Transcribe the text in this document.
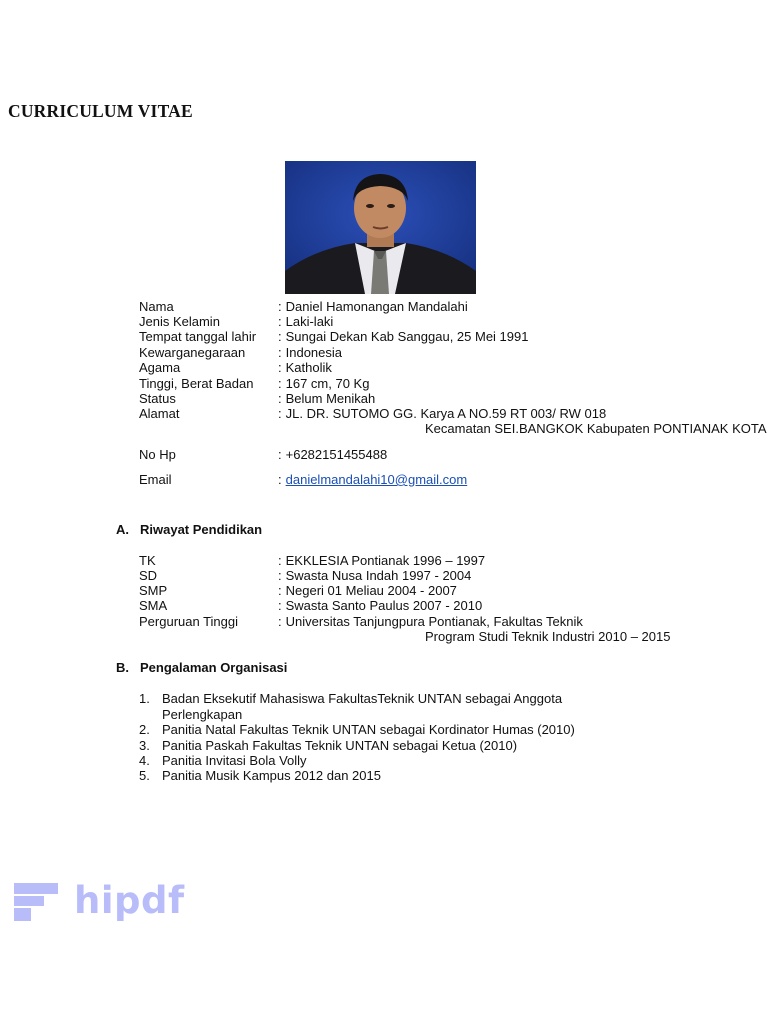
CURRICULUM VITAE
Nama	: Daniel Hamonangan Mandalahi
Jenis Kelamin	: Laki-laki
Tempat tanggal lahir : Sungai Dekan Kab Sanggau, 25 Mei 1991
Kewarganegaraan	: Indonesia
Agama	: Katholik
Tinggi, Berat Badan : 167 cm, 70 Kg
Status	: Belum Menikah
Alamat	: JL. DR. SUTOMO GG. Karya A NO.59 RT 003/ RW 018
Kecamatan SEI.BANGKOK Kabupaten PONTIANAK KOTA
No Hp	: +6282151455488
Email	: danielmandalahi10@gmail.com
A. Riwayat Pendidikan
TK	: EKKLESIA Pontianak 1996 – 1997
SD	: Swasta Nusa Indah 1997 - 2004
SMP	: Negeri 01 Meliau 2004 - 2007
SMA	: Swasta Santo Paulus 2007 - 2010
Perguruan Tinggi	: Universitas Tanjungpura Pontianak, Fakultas Teknik
Program Studi Teknik Industri 2010 – 2015
B. Pengalaman Organisasi
1. Badan Eksekutif Mahasiswa FakultasTeknik UNTAN sebagai Anggota
Perlengkapan
2. Panitia Natal Fakultas Teknik UNTAN sebagai Kordinator Humas (2010)
3. Panitia Paskah Fakultas Teknik UNTAN sebagai Ketua (2010)
4. Panitia Invitasi Bola Volly
5. Panitia Musik Kampus 2012 dan 2015
hipdf
